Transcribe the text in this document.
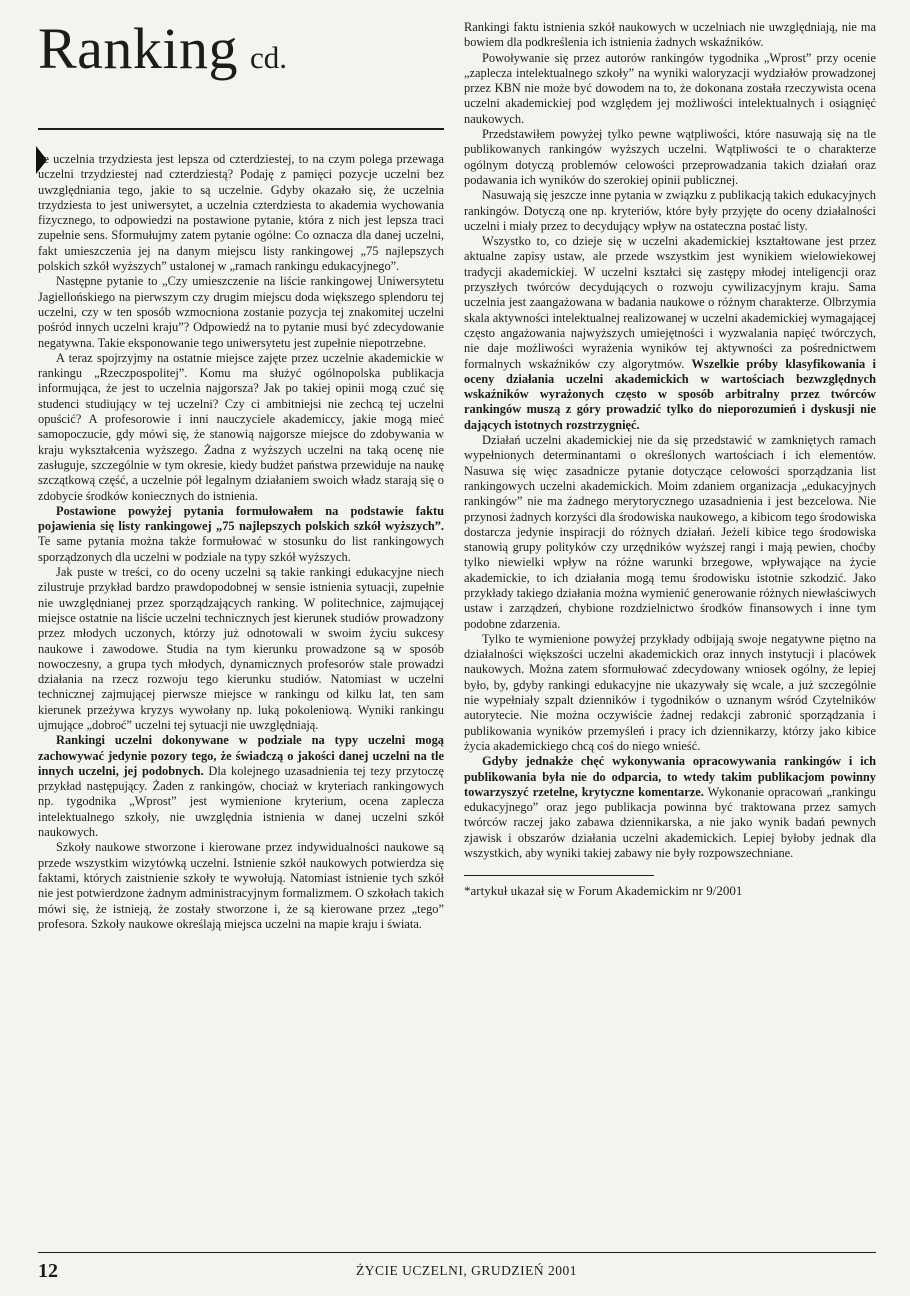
Ranking cd.

że uczelnia trzydziesta jest lepsza od czterdziestej, to na czym polega przewaga uczelni trzydziestej nad czterdziestą? Podaję z pamięci pozycje uczelni bez uwzględniania tego, jakie to są uczelnie. Gdyby okazało się, że uczelnia trzydziesta to jest uniwersytet, a uczelnia czterdziesta to akademia wychowania fizycznego, to odpowiedzi na postawione pytanie, która z nich jest lepsza traci zupełnie sens. Sformułujmy zatem pytanie ogólne: Co oznacza dla danej uczelni, fakt umieszczenia jej na danym miejscu listy rankingowej „75 najlepszych polskich szkół wyższych” ustalonej w „ramach rankingu edukacyjnego”.

Następne pytanie to „Czy umieszczenie na liście rankingowej Uniwersytetu Jagiellońskiego na pierwszym czy drugim miejscu doda większego splendoru tej uczelni, czy w ten sposób wzmocniona zostanie pozycja tej znakomitej uczelni pośród innych uczelni kraju”? Odpowiedź na to pytanie musi być zdecydowanie negatywna. Takie eksponowanie tego uniwersytetu jest zupełnie niepotrzebne.

A teraz spojrzyjmy na ostatnie miejsce zajęte przez uczelnie akademickie w rankingu „Rzeczpospolitej”. Komu ma służyć ogólnopolska publikacja informująca, że jest to uczelnia najgorsza? Jak po takiej opinii mogą czuć się studenci studiujący w tej uczelni? Czy ci ambitniejsi nie zechcą tej uczelni opuścić? A profesorowie i inni nauczyciele akademiccy, jakie mogą mieć samopoczucie, gdy mówi się, że stanowią najgorsze miejsce do zdobywania w kraju wykształcenia wyższego. Żadna z wyższych uczelni na taką ocenę nie zasługuje, szczególnie w tym okresie, kiedy budżet państwa przewiduje na naukę szczątkową część, a uczelnie pół legalnym działaniem swoich władz starają się o zdobycie środków koniecznych do istnienia.

Postawione powyżej pytania formułowałem na podstawie faktu pojawienia się listy rankingowej „75 najlepszych polskich szkół wyższych”. Te same pytania można także formułować w stosunku do list rankingowych sporządzonych dla uczelni w podziale na typy szkół wyższych.

Jak puste w treści, co do oceny uczelni są takie rankingi edukacyjne niech zilustruje przykład bardzo prawdopodobnej w sensie istnienia sytuacji, zupełnie nie uwzględnianej przez sporządzających ranking. W politechnice, zajmującej miejsce ostatnie na liście uczelni technicznych jest kierunek studiów prowadzony przez młodych uczonych, którzy już odnotowali w swoim życiu sukcesy naukowe i zawodowe. Studia na tym kierunku prowadzone są w sposób nowoczesny, a grupa tych młodych, dynamicznych profesorów stale prowadzi działania na rzecz rozwoju tego kierunku studiów. Natomiast w uczelni technicznej zajmującej pierwsze miejsce w rankingu od kilku lat, ten sam kierunek przeżywa kryzys wywołany np. luką pokoleniową. Wyniki rankingu ujmujące „dobroć” uczelni tej sytuacji nie uwzględniają.

Rankingi uczelni dokonywane w podziale na typy uczelni mogą zachowywać jedynie pozory tego, że świadczą o jakości danej uczelni na tle innych uczelni, jej podobnych. Dla kolejnego uzasadnienia tej tezy przytoczę przykład następujący. Żaden z rankingów, chociaż w kryteriach rankingowych np. tygodnika „Wprost” jest wymienione kryterium, ocena zaplecza intelektualnego szkoły, nie uwzględnia istnienia w danej uczelni szkół naukowych.

Szkoły naukowe stworzone i kierowane przez indywidualności naukowe są przede wszystkim wizytówką uczelni. Istnienie szkół naukowych potwierdza się faktami, których zaistnienie szkoły te wywołują. Natomiast istnienie tych szkół nie jest potwierdzone żadnym administracyjnym formalizmem. O szkołach takich mówi się, że istnieją, że zostały stworzone i, że są kierowane przez „tego” profesora. Szkoły naukowe określają miejsca uczelni na mapie kraju i świata.

Rankingi faktu istnienia szkół naukowych w uczelniach nie uwzględniają, nie ma bowiem dla podkreślenia ich istnienia żadnych wskaźników.

Powoływanie się przez autorów rankingów tygodnika „Wprost” przy ocenie „zaplecza intelektualnego szkoły” na wyniki waloryzacji wydziałów prowadzonej przez KBN nie może być dowodem na to, że dokonana została rzeczywista ocena uczelni akademickiej pod względem jej możliwości intelektualnych i osiągnięć naukowych.

Przedstawiłem powyżej tylko pewne wątpliwości, które nasuwają się na tle publikowanych rankingów wyższych uczelni. Wątpliwości te o charakterze ogólnym dotyczą problemów celowości przeprowadzania takich działań oraz podawania ich wyników do szerokiej opinii publicznej.

Nasuwają się jeszcze inne pytania w związku z publikacją takich edukacyjnych rankingów. Dotyczą one np. kryteriów, które były przyjęte do oceny działalności uczelni i miały przez to decydujący wpływ na ostateczna postać listy.

Wszystko to, co dzieje się w uczelni akademickiej kształtowane jest przez aktualne zapisy ustaw, ale przede wszystkim jest wynikiem wielowiekowej tradycji akademickiej. W uczelni kształci się zastępy młodej inteligencji oraz przyszłych twórców decydujących o rozwoju cywilizacyjnym kraju. Sama uczelnia jest zaangażowana w badania naukowe o różnym charakterze. Olbrzymia skala aktywności intelektualnej realizowanej w uczelni akademickiej wymagającej często angażowania najwyższych umiejętności i wyzwalania napięć twórczych, nie daje możliwości wyrażenia wyników tej aktywności za pośrednictwem formalnych wskaźników czy algorytmów. Wszelkie próby klasyfikowania i oceny działania uczelni akademickich w wartościach bezwzględnych wskaźników wyrażonych często w sposób arbitralny przez twórców rankingów muszą z góry prowadzić tylko do nieporozumień i dyskusji nie dających istotnych rozstrzygnięć.

Działań uczelni akademickiej nie da się przedstawić w zamkniętych ramach wypełnionych determinantami o określonych wartościach i ich elementów. Nasuwa się więc zasadnicze pytanie dotyczące celowości sporządzania list rankingowych uczelni akademickich. Moim zdaniem organizacja „edukacyjnych rankingów” nie ma żadnego merytorycznego uzasadnienia i jest bezcelowa. Nie przynosi żadnych korzyści dla środowiska naukowego, a kibicom tego środowiska dostarcza jedynie inspiracji do różnych działań. Jeżeli kibice tego środowiska stanowią grupy polityków czy urzędników wyższej rangi i mają pewien, choćby tylko niewielki wpływ na różne warunki brzegowe, wpływające na życie akademickie, to ich działania mogą temu środowisku istotnie szkodzić. Jako przykłady takiego działania można wymienić generowanie różnych niewłaściwych ustaw i zarządzeń, chybione rozdzielnictwo środków finansowych i inne tym podobne zdarzenia.

Tylko te wymienione powyżej przykłady odbijają swoje negatywne piętno na działalności większości uczelni akademickich oraz innych instytucji i placówek naukowych. Można zatem sformułować zdecydowany wniosek ogólny, że lepiej było, by, gdyby rankingi edukacyjne nie ukazywały się wcale, a już szczególnie nie wypełniały szpalt dzienników i tygodników o uznanym wśród Czytelników autorytecie. Nie można oczywiście żadnej redakcji zabronić sporządzania i publikowania wyników przemyśleń i pracy ich dziennikarzy, którzy jako kibice życia akademickiego chcą coś do niego wnieść.

Gdyby jednakże chęć wykonywania opracowywania rankingów i ich publikowania była nie do odparcia, to wtedy takim publikacjom powinny towarzyszyć rzetelne, krytyczne komentarze. Wykonanie opracowań „rankingu edukacyjnego” oraz jego publikacja powinna być traktowana przez samych twórców raczej jako zabawa dziennikarska, a nie jako wynik badań pewnych zjawisk i obszarów działania uczelni akademickich. Lepiej byłoby jednak dla wszystkich, aby wyniki takiej zabawy nie były rozpowszechniane.

*artykuł ukazał się w Forum Akademickim nr 9/2001

12	ŻYCIE UCZELNI, GRUDZIEŃ 2001
